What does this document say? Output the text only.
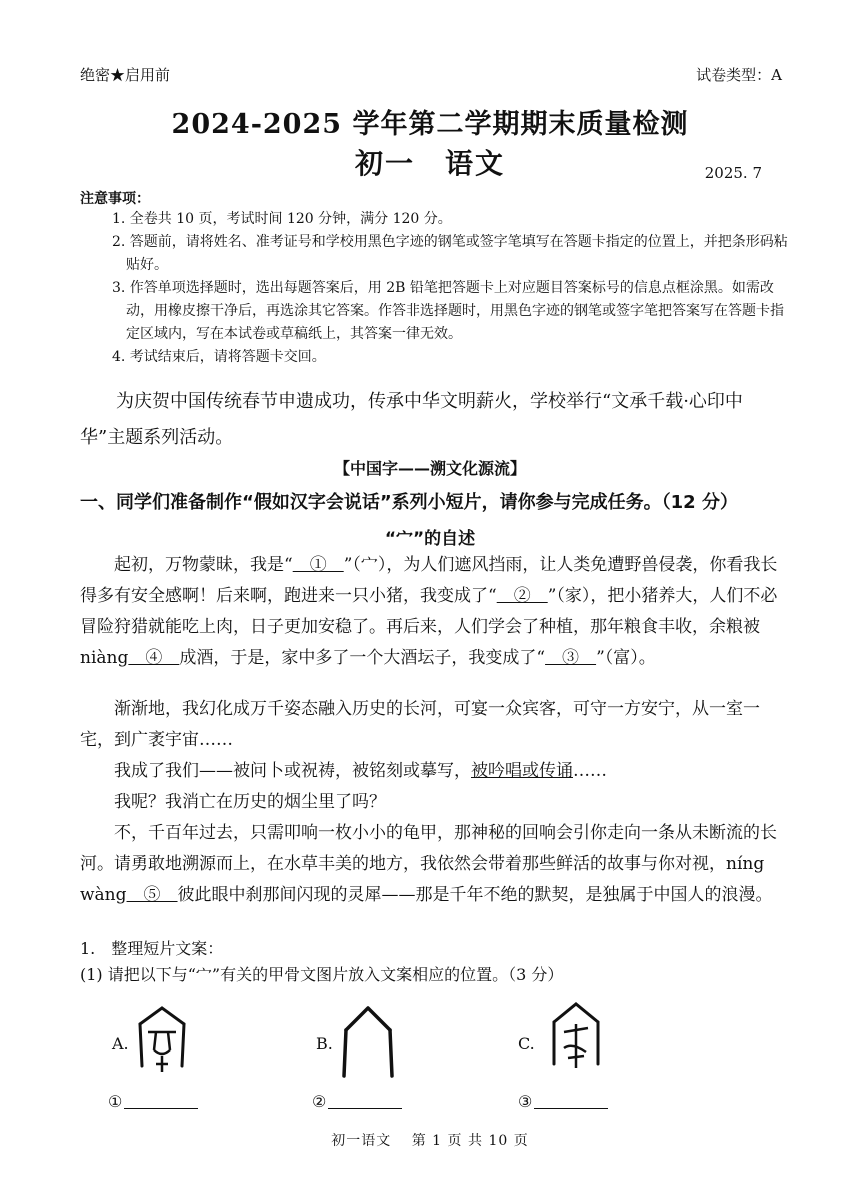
绝密★启用前	试卷类型：A
2024-2025 学年第二学期期末质量检测
初一　语文	2025. 7
注意事项：
1. 全卷共 10 页，考试时间 120 分钟，满分 120 分。
2. 答题前，请将姓名、准考证号和学校用黑色字迹的钢笔或签字笔填写在答题卡指定的位置上，并把条形码粘贴好。
3. 作答单项选择题时，选出每题答案后，用 2B 铅笔把答题卡上对应题目答案标号的信息点框涂黑。如需改动，用橡皮擦干净后，再选涂其它答案。作答非选择题时，用黑色字迹的钢笔或签字笔把答案写在答题卡指定区域内，写在本试卷或草稿纸上，其答案一律无效。
4. 考试结束后，请将答题卡交回。
为庆贺中国传统春节申遗成功，传承中华文明薪火，学校举行“文承千载·心印中华”主题系列活动。
【中国字——溯文化源流】
一、同学们准备制作“假如汉字会说话”系列小短片，请你参与完成任务。（12 分）
“宀”的自述
起初，万物蒙昧，我是“　①　”（宀），为人们遮风挡雨，让人类免遭野兽侵袭，你看我长得多有安全感啊！后来啊，跑进来一只小猪，我变成了“　②　”（家），把小猪养大，人们不必冒险狩猎就能吃上肉，日子更加安稳了。再后来，人们学会了种植，那年粮食丰收，余粮被 niàng　④　成酒，于是，家中多了一个大酒坛子，我变成了“　③　”（富）。
渐渐地，我幻化成万千姿态融入历史的长河，可宴一众宾客，可守一方安宁，从一室一宅，到广袤宇宙……
我成了我们——被问卜或祝祷，被铭刻或摹写，被吟唱或传诵……
我呢？我消亡在历史的烟尘里了吗？
不，千百年过去，只需叩响一枚小小的龟甲，那神秘的回响会引你走向一条从未断流的长河。请勇敢地溯源而上，在水草丰美的地方，我依然会带着那些鲜活的故事与你对视，níng wàng　⑤　彼此眼中刹那间闪现的灵犀——那是千年不绝的默契，是独属于中国人的浪漫。
1.　整理短片文案：
(1) 请把以下与“宀”有关的甲骨文图片放入文案相应的位置。（3 分）
A.
①
B.
②
C.
③
初一语文　 第 1 页 共 10 页
